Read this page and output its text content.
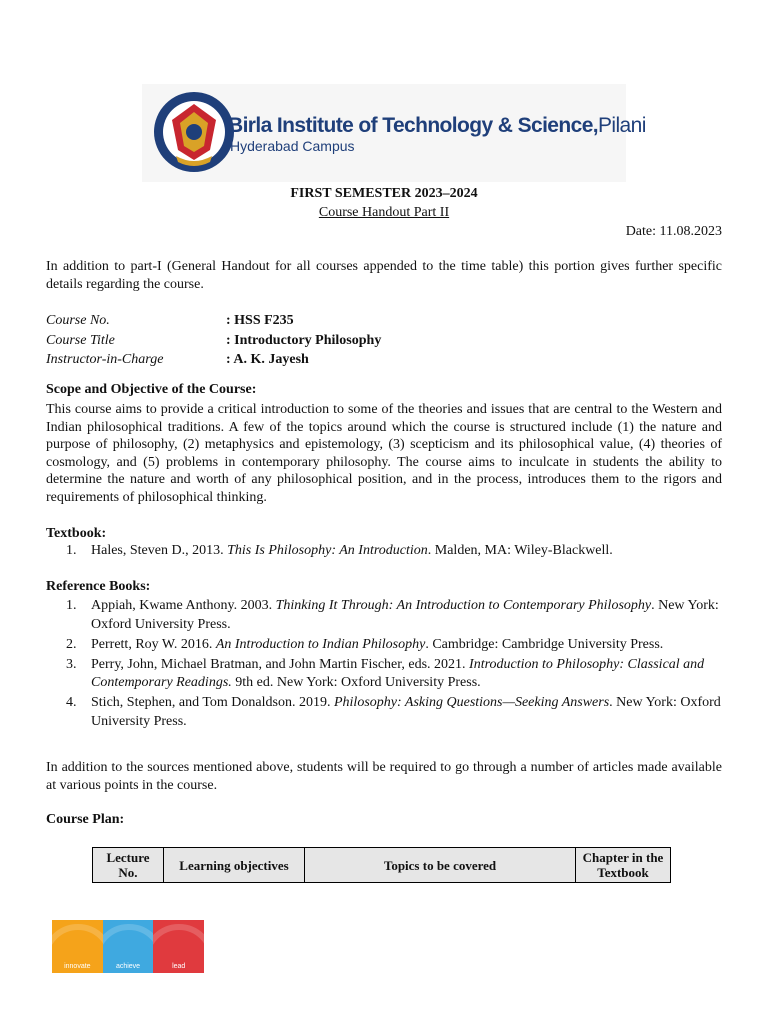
Birla Institute of Technology & Science,Pilani
Hyderabad Campus
FIRST SEMESTER 2023–2024
Course Handout Part II
Date: 11.08.2023

In addition to part-I (General Handout for all courses appended to the time table) this portion gives further specific details regarding the course.

Course No.	: HSS F235
Course Title	: Introductory Philosophy
Instructor-in-Charge	: A. K. Jayesh
Scope and Objective of the Course:

This course aims to provide a critical introduction to some of the theories and issues that are central to the Western and Indian philosophical traditions. A few of the topics around which the course is structured include (1) the nature and purpose of philosophy, (2) metaphysics and epistemology, (3) scepticism and its philosophical value, (4) theories of cosmology, and (5) problems in contemporary philosophy. The course aims to inculcate in students the ability to determine the nature and worth of any philosophical position, and in the process, introduces them to the rigors and requirements of philosophical thinking.

Textbook:
1.	Hales, Steven D., 2013. This Is Philosophy: An Introduction. Malden, MA: Wiley-Blackwell.
Reference Books:
1.	Appiah, Kwame Anthony. 2003. Thinking It Through: An Introduction to Contemporary Philosophy. New York: Oxford University Press.
2.	Perrett, Roy W. 2016. An Introduction to Indian Philosophy. Cambridge: Cambridge University Press.
3.	Perry, John, Michael Bratman, and John Martin Fischer, eds. 2021. Introduction to Philosophy: Classical and Contemporary Readings. 9th ed. New York: Oxford University Press.
4.	Stich, Stephen, and Tom Donaldson. 2019. Philosophy: Asking Questions—Seeking Answers. New York: Oxford University Press.

In addition to the sources mentioned above, students will be required to go through a number of articles made available at various points in the course.

Course Plan:
Lecture No.	Learning objectives	Topics to be covered	Chapter in the Textbook
innovate	achieve	lead
